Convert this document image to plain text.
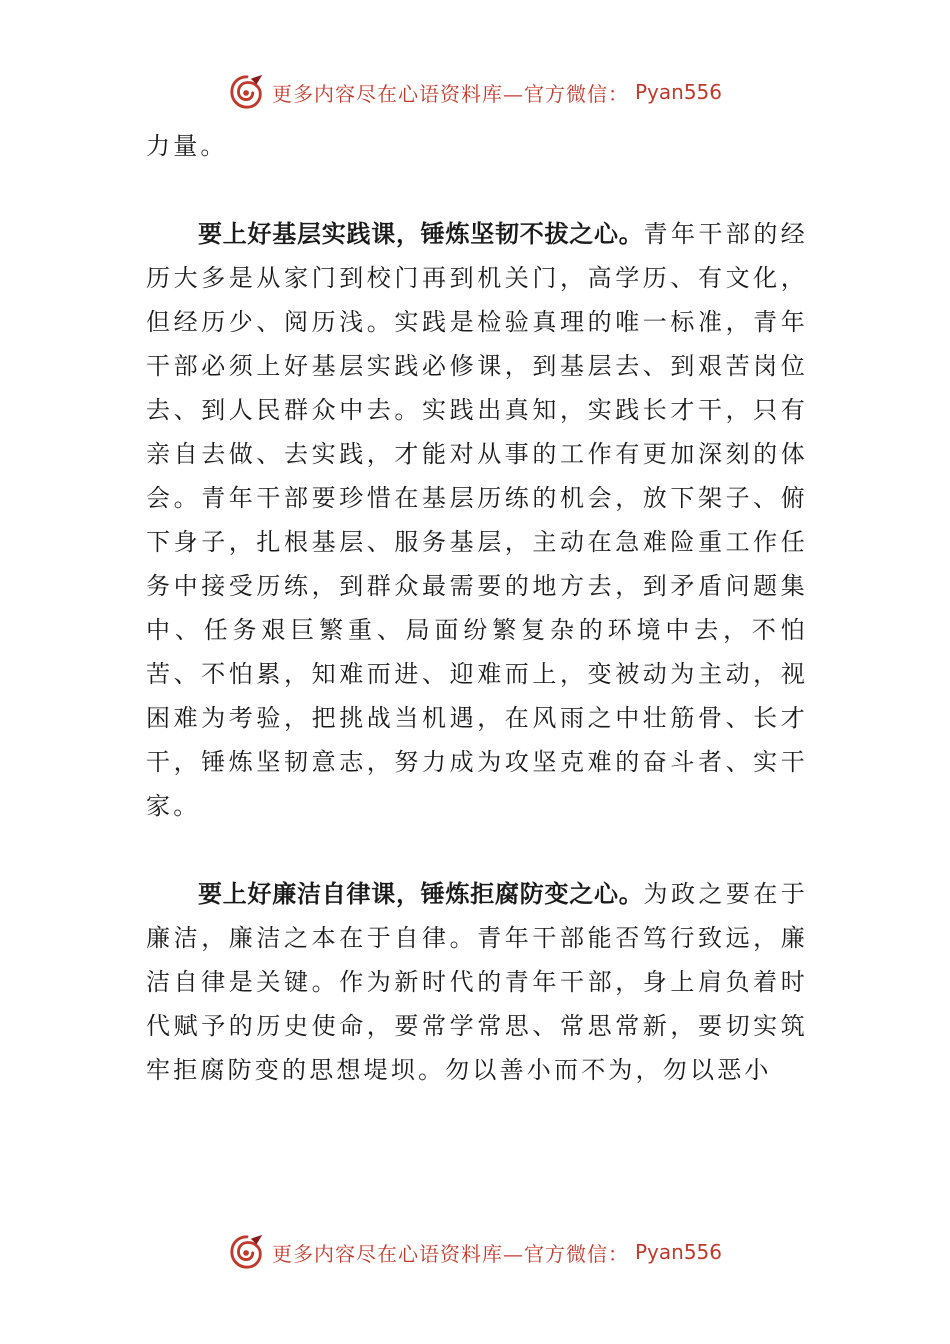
更多内容尽在心语资料库—官方微信： Pyan556

力量。

要上好基层实践课，锤炼坚韧不拔之心。青年干部的经历大多是从家门到校门再到机关门，高学历、有文化，但经历少、阅历浅。实践是检验真理的唯一标准，青年干部必须上好基层实践必修课，到基层去、到艰苦岗位去、到人民群众中去。实践出真知，实践长才干，只有亲自去做、去实践，才能对从事的工作有更加深刻的体会。青年干部要珍惜在基层历练的机会，放下架子、俯下身子，扎根基层、服务基层，主动在急难险重工作任务中接受历练，到群众最需要的地方去，到矛盾问题集中、任务艰巨繁重、局面纷繁复杂的环境中去，不怕苦、不怕累，知难而进、迎难而上，变被动为主动，视困难为考验，把挑战当机遇，在风雨之中壮筋骨、长才干，锤炼坚韧意志，努力成为攻坚克难的奋斗者、实干家。

要上好廉洁自律课，锤炼拒腐防变之心。为政之要在于廉洁，廉洁之本在于自律。青年干部能否笃行致远，廉洁自律是关键。作为新时代的青年干部，身上肩负着时代赋予的历史使命，要常学常思、常思常新，要切实筑牢拒腐防变的思想堤坝。勿以善小而不为，勿以恶小

更多内容尽在心语资料库—官方微信： Pyan556
